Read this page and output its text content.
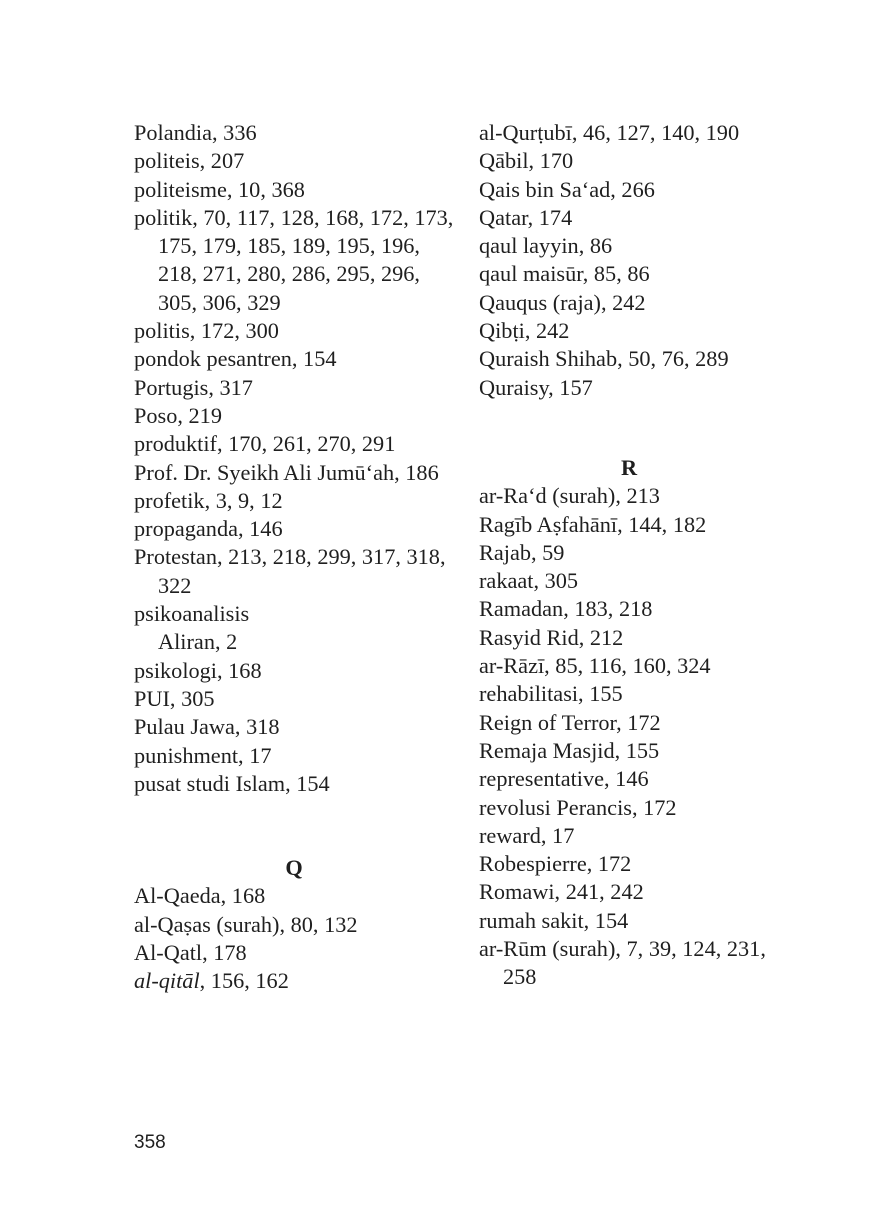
Polandia, 336
politeis, 207
politeisme, 10, 368
politik, 70, 117, 128, 168, 172, 173, 175, 179, 185, 189, 195, 196, 218, 271, 280, 286, 295, 296, 305, 306, 329
politis, 172, 300
pondok pesantren, 154
Portugis, 317
Poso, 219
produktif, 170, 261, 270, 291
Prof. Dr. Syeikh Ali Jumū‘ah, 186
profetik, 3, 9, 12
propaganda, 146
Protestan, 213, 218, 299, 317, 318, 322
psikoanalisis
Aliran, 2
psikologi, 168
PUI, 305
Pulau Jawa, 318
punishment, 17
pusat studi Islam, 154
Q
Al-Qaeda, 168
al-Qaṣas (surah), 80, 132
Al-Qatl, 178
al-qitāl, 156, 162
al-Qurṭubī, 46, 127, 140, 190
Qābil, 170
Qais bin Sa‘ad, 266
Qatar, 174
qaul layyin, 86
qaul maisūr, 85, 86
Qauqus (raja), 242
Qibṭi, 242
Quraish Shihab, 50, 76, 289
Quraisy, 157
R
ar-Ra‘d (surah), 213
Ragīb Aṣfahānī, 144, 182
Rajab, 59
rakaat, 305
Ramadan, 183, 218
Rasyid Rid, 212
ar-Rāzī, 85, 116, 160, 324
rehabilitasi, 155
Reign of Terror, 172
Remaja Masjid, 155
representative, 146
revolusi Perancis, 172
reward, 17
Robespierre, 172
Romawi, 241, 242
rumah sakit, 154
ar-Rūm (surah), 7, 39, 124, 231, 258
358
